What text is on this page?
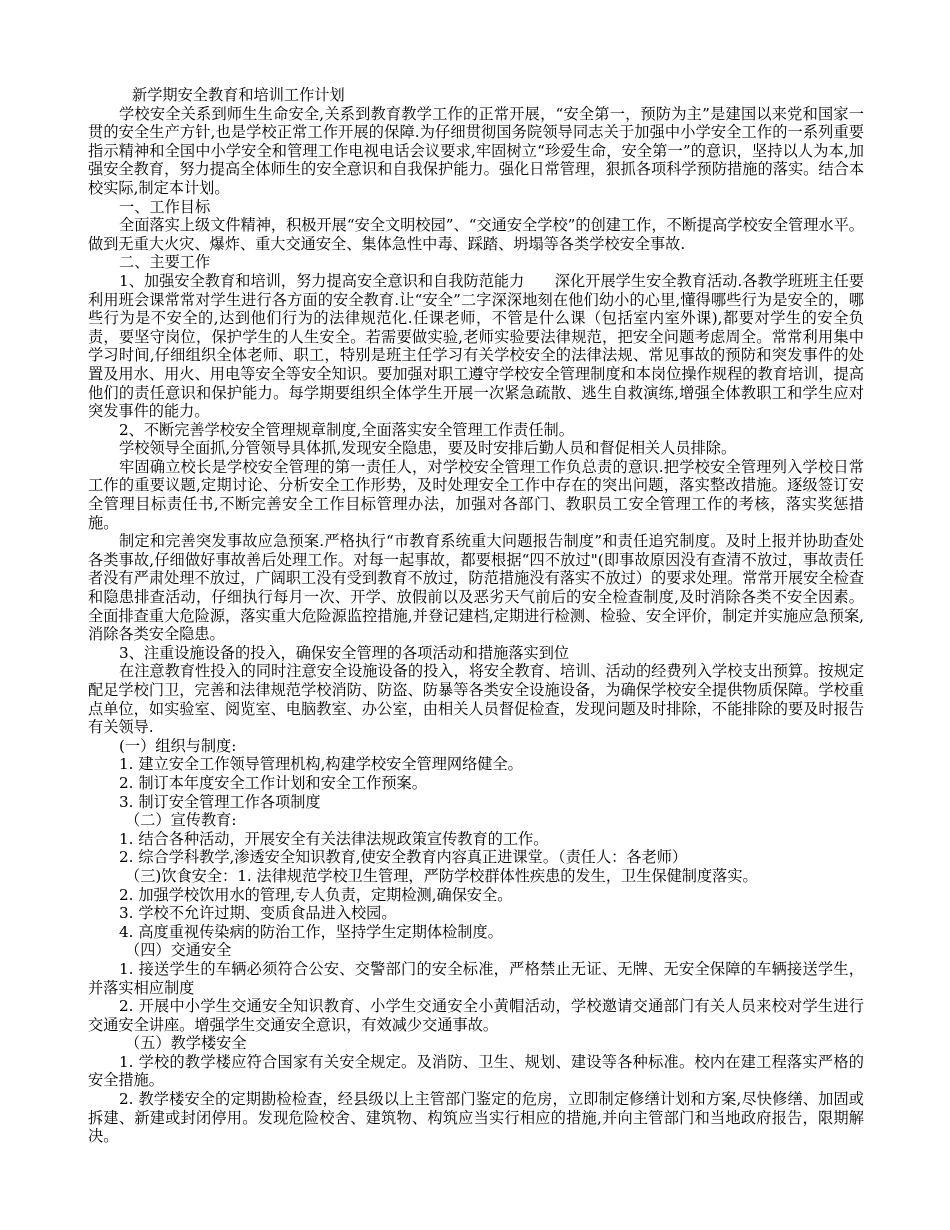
新学期安全教育和培训工作计划

学校安全关系到师生生命安全,关系到教育教学工作的正常开展，“安全第一，预防为主”是建国以来党和国家一贯的安全生产方针,也是学校正常工作开展的保障.为仔细贯彻国务院领导同志关于加强中小学安全工作的一系列重要指示精神和全国中小学安全和管理工作电视电话会议要求,牢固树立“珍爱生命，安全第一”的意识，坚持以人为本,加强安全教育，努力提高全体师生的安全意识和自我保护能力。强化日常管理，狠抓各项科学预防措施的落实。结合本校实际,制定本计划。

一、工作目标

全面落实上级文件精神，积极开展“安全文明校园”、“交通安全学校”的创建工作，不断提高学校安全管理水平。做到无重大火灾、爆炸、重大交通安全、集体急性中毒、踩踏、坍塌等各类学校安全事故.

二、主要工作

1、加强安全教育和培训，努力提高安全意识和自我防范能力　　深化开展学生安全教育活动.各教学班班主任要利用班会课常常对学生进行各方面的安全教育.让“安全”二字深深地刻在他们幼小的心里,懂得哪些行为是安全的，哪些行为是不安全的,达到他们行为的法律规范化.任课老师，不管是什么课（包括室内室外课),都要对学生的安全负责，要坚守岗位，保护学生的人生安全。若需要做实验,老师实验要法律规范，把安全问题考虑周全。常常利用集中学习时间,仔细组织全体老师、职工，特别是班主任学习有关学校安全的法律法规、常见事故的预防和突发事件的处置及用水、用火、用电等安全等安全知识。要加强对职工遵守学校安全管理制度和本岗位操作规程的教育培训，提高他们的责任意识和保护能力。每学期要组织全体学生开展一次紧急疏散、逃生自救演练,增强全体教职工和学生应对突发事件的能力。

2、不断完善学校安全管理规章制度,全面落实安全管理工作责任制。

学校领导全面抓,分管领导具体抓,发现安全隐患，要及时安排后勤人员和督促相关人员排除。

牢固确立校长是学校安全管理的第一责任人，对学校安全管理工作负总责的意识.把学校安全管理列入学校日常工作的重要议题,定期讨论、分析安全工作形势，及时处理安全工作中存在的突出问题，落实整改措施。逐级签订安全管理目标责任书,不断完善安全工作目标管理办法，加强对各部门、教职员工安全管理工作的考核，落实奖惩措施。

制定和完善突发事故应急预案.严格执行“市教育系统重大问题报告制度”和责任追究制度。及时上报并协助查处各类事故,仔细做好事故善后处理工作。对每一起事故，都要根据“四不放过"(即事故原因没有查清不放过，事故责任者没有严肃处理不放过，广阔职工没有受到教育不放过，防范措施没有落实不放过）的要求处理。常常开展安全检查和隐患排查活动，仔细执行每月一次、开学、放假前以及恶劣天气前后的安全检查制度,及时消除各类不安全因素。全面排查重大危险源，落实重大危险源监控措施,并登记建档,定期进行检测、检验、安全评价，制定并实施应急预案,消除各类安全隐患。

3、注重设施设备的投入，确保安全管理的各项活动和措施落实到位

在注意教育性投入的同时注意安全设施设备的投入，将安全教育、培训、活动的经费列入学校支出预算。按规定配足学校门卫，完善和法律规范学校消防、防盗、防暴等各类安全设施设备，为确保学校安全提供物质保障。学校重点单位，如实验室、阅览室、电脑教室、办公室，由相关人员督促检查，发现问题及时排除，不能排除的要及时报告有关领导.

(一）组织与制度:

1. 建立安全工作领导管理机构,构建学校安全管理网络健全。

2. 制订本年度安全工作计划和安全工作预案。

3. 制订安全管理工作各项制度

（二）宣传教育:

1. 结合各种活动，开展安全有关法律法规政策宣传教育的工作。

2. 综合学科教学,渗透安全知识教育,使安全教育内容真正进课堂。（责任人：各老师）

（三)饮食安全：1. 法律规范学校卫生管理，严防学校群体性疾患的发生，卫生保健制度落实。

2. 加强学校饮用水的管理,专人负责，定期检测,确保安全。

3. 学校不允许过期、变质食品进入校园。

4. 高度重视传染病的防治工作，坚持学生定期体检制度。

（四）交通安全

1. 接送学生的车辆必须符合公安、交警部门的安全标准，严格禁止无证、无牌、无安全保障的车辆接送学生，并落实相应制度

2. 开展中小学生交通安全知识教育、小学生交通安全小黄帽活动，学校邀请交通部门有关人员来校对学生进行交通安全讲座。增强学生交通安全意识，有效减少交通事故。

（五）教学楼安全

1. 学校的教学楼应符合国家有关安全规定。及消防、卫生、规划、建设等各种标准。校内在建工程落实严格的安全措施。

2. 教学楼安全的定期勘检检查，经县级以上主管部门鉴定的危房，立即制定修缮计划和方案,尽快修缮、加固或拆建、新建或封闭停用。发现危险校舍、建筑物、构筑应当实行相应的措施,并向主管部门和当地政府报告，限期解决。
